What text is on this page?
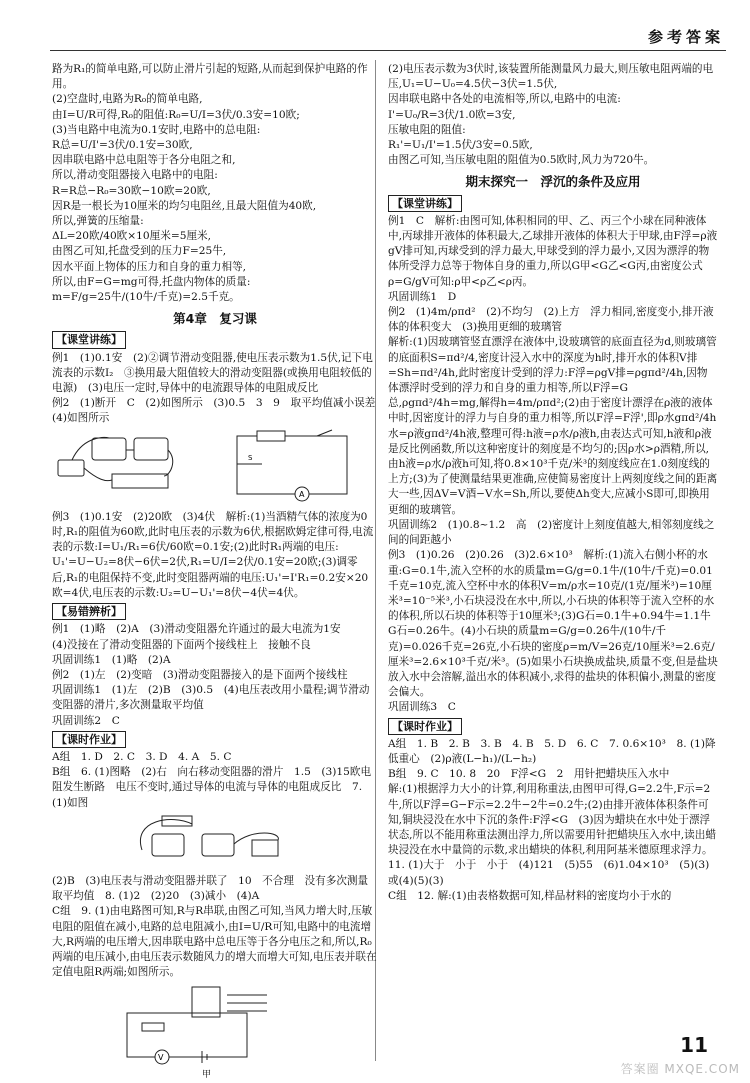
参考答案

路为R₁的简单电路,可以防止滑片引起的短路,从而起到保护电路的作用。

(2)空盘时,电路为R₀的简单电路,

由I=U/R可得,R₀的阻值:R₀=U/I=3伏/0.3安=10欧;

(3)当电路中电流为0.1安时,电路中的总电阻:

R总=U/I'=3伏/0.1安=30欧,

因串联电路中总电阻等于各分电阻之和,

所以,滑动变阻器接入电路中的电阻:

R=R总−R₀=30欧−10欧=20欧,

因R是一根长为10厘米的均匀电阻丝,且最大阻值为40欧,

所以,弹簧的压缩量:

ΔL=20欧/40欧×10厘米=5厘米,

由图乙可知,托盘受到的压力F=25牛,

因水平面上物体的压力和自身的重力相等,

所以,由F=G=mg可得,托盘内物体的质量:

m=F/g=25牛/(10牛/千克)=2.5千克。

第4章　复习课
【课堂讲练】

例1　(1)0.1安　(2)②调节滑动变阻器,使电压表示数为1.5伏,记下电流表的示数I₂　③换用最大阻值较大的滑动变阻器(或换用电阻较低的电源)　(3)电压一定时,导体中的电流跟导体的电阻成反比

例2　(1)断开　C　(2)如图所示　(3)0.5　3　9　取平均值减小误差

(4)如图所示

A
S

例3　(1)0.1安　(2)20欧　(3)4伏　解析:(1)当酒精气体的浓度为0时,R₁的阻值为60欧,此时电压表的示数为6伏,根据欧姆定律可得,电流表的示数:I=U₁/R₁=6伏/60欧=0.1安;(2)此时R₁两端的电压:

U₁'=U−U₂=8伏−6伏=2伏,R₁=U/I=2伏/0.1安=20欧;(3)调零后,R₁的电阻保持不变,此时变阻器两端的电压:U₁'=I'R₁=0.2安×20欧=4伏,电压表的示数:U₂=U−U₁'=8伏−4伏=4伏。

【易错辨析】

例1　(1)略　(2)A　(3)滑动变阻器允许通过的最大电流为1安

(4)没接在了滑动变阻器的下面两个接线柱上　接触不良

巩固训练1　(1)略　(2)A

例2　(1)左　(2)变暗　(3)滑动变阻器接入的是下面两个接线柱

巩固训练1　(1)左　(2)B　(3)0.5　(4)电压表改用小量程;调节滑动变阻器的滑片,多次测量取平均值

巩固训练2　C

【课时作业】

A组　1. D　2. C　3. D　4. A　5. C

B组　6. (1)图略　(2)右　向右移动变阻器的滑片　1.5　(3)15欧电阻发生断路　电压不变时,通过导体的电流与导体的电阻成反比　7. (1)如图

(2)B　(3)电压表与滑动变阻器并联了　10　不合理　没有多次测量取平均值　8. (1)2　(2)20　(3)减小　(4)A

C组　9. (1)由电路图可知,R与R串联,由图乙可知,当风力增大时,压敏电阻的阻值在减小,电路的总电阻减小,由I=U/R可知,电路中的电流增大,R两端的电压增大,因串联电路中总电压等于各分电压之和,所以,R₀两端的电压减小,由电压表示数随风力的增大而增大可知,电压表并联在定值电阻R两端;如图所示。

V
甲

(2)电压表示数为3伏时,该装置所能测量风力最大,则压敏电阻两端的电压,U₁=U−U₀=4.5伏−3伏=1.5伏,

因串联电路中各处的电流相等,所以,电路中的电流:

I'=U₀/R=3伏/1.0欧=3安,

压敏电阻的阻值:

R₁'=U₁/I'=1.5伏/3安=0.5欧,

由图乙可知,当压敏电阻的阻值为0.5欧时,风力为720牛。

期末探究一　浮沉的条件及应用
【课堂讲练】

例1　C　解析:由图可知,体积相同的甲、乙、丙三个小球在同种液体中,丙球排开液体的体积最大,乙球排开液体的体积大于甲球,由F浮=ρ液gV排可知,丙球受到的浮力最大,甲球受到的浮力最小,又因为漂浮的物体所受浮力总等于物体自身的重力,所以G甲<G乙<G丙,由密度公式ρ=G/gV可知:ρ甲<ρ乙<ρ丙。

巩固训练1　D

例2　(1)4m/ρπd²　(2)不均匀　(2)上方　浮力相同,密度变小,排开液体的体积变大　(3)换用更细的玻璃管

解析:(1)因玻璃管竖直漂浮在液体中,设玻璃管的底面直径为d,则玻璃管的底面积S=πd²/4,密度计浸入水中的深度为h时,排开水的体积V排=Sh=πd²/4h,此时密度计受到的浮力:F浮=ρgV排=ρgπd²/4h,因物体漂浮时受到的浮力和自身的重力相等,所以F浮=G总,ρgπd²/4h=mg,解得h=4m/ρπd²;(2)由于密度计漂浮在ρ液的液体中时,因密度计的浮力与自身的重力相等,所以F浮=F浮',即ρ水gπd²/4h水=ρ液gπd²/4h液,整理可得:h液=ρ水/ρ液h,由表达式可知,h液和ρ液是反比例函数,所以这种密度计的刻度是不均匀的;因ρ水>ρ酒精,所以,由h液=ρ水/ρ液h可知,将0.8×10³千克/米³的刻度线应在1.0刻度线的上方;(3)为了使测量结果更准确,应使简易密度计上两刻度线之间的距离大一些,因ΔV=V酒−V水=Sh,所以,要使Δh变大,应减小S即可,即换用更细的玻璃管。

巩固训练2　(1)0.8~1.2　高　(2)密度计上刻度值越大,相邻刻度线之间的间距越小

例3　(1)0.26　(2)0.26　(3)2.6×10³　解析:(1)流入右侧小杯的水重:G=0.1牛,流入空杯的水的质量m=G/g=0.1牛/(10牛/千克)=0.01千克=10克,流入空杯中水的体积V=m/ρ水=10克/(1克/厘米³)=10厘米³=10⁻⁵米³,小石块浸没在水中,所以,小石块的体积等于流入空杯的水的体积,所以石块的体积等于10厘米³;(3)G石=0.1牛+0.94牛=1.1牛　G石=0.26牛。(4)小石块的质量m=G/g=0.26牛/(10牛/千克)=0.026千克=26克,小石块的密度ρ=m/V=26克/10厘米³=2.6克/厘米³=2.6×10³千克/米³。(5)如果小石块换成盐块,质量不变,但是盐块放入水中会溶解,溢出水的体积减小,求得的盐块的体积偏小,测量的密度会偏大。

巩固训练3　C

【课时作业】

A组　1. B　2. B　3. B　4. B　5. D　6. C　7. 0.6×10³　8. (1)降低重心　(2)ρ液(L−h₁)/(L−h₂)

B组　9. C　10. 8　20　F浮<G　2　用针把蜡块压入水中

解:(1)根据浮力大小的计算,利用称重法,由图甲可得,G=2.2牛,F示=2牛,所以F浮=G−F示=2.2牛−2牛=0.2牛;(2)由排开液体体积条件可知,铜块浸没在水中下沉的条件:F浮<G　(3)因为蜡块在水中处于漂浮状态,所以不能用称重法测出浮力,所以需要用针把蜡块压入水中,读出蜡块浸没在水中量筒的示数,求出蜡块的体积,利用阿基米德原理求浮力。　11. (1)大于　小于　小于　(4)121　(5)55　(6)1.04×10³　(5)(3)或(4)(5)(3)

C组　12. 解:(1)由表格数据可知,样品材料的密度均小于水的

11
答案圈 MXQE.COM
